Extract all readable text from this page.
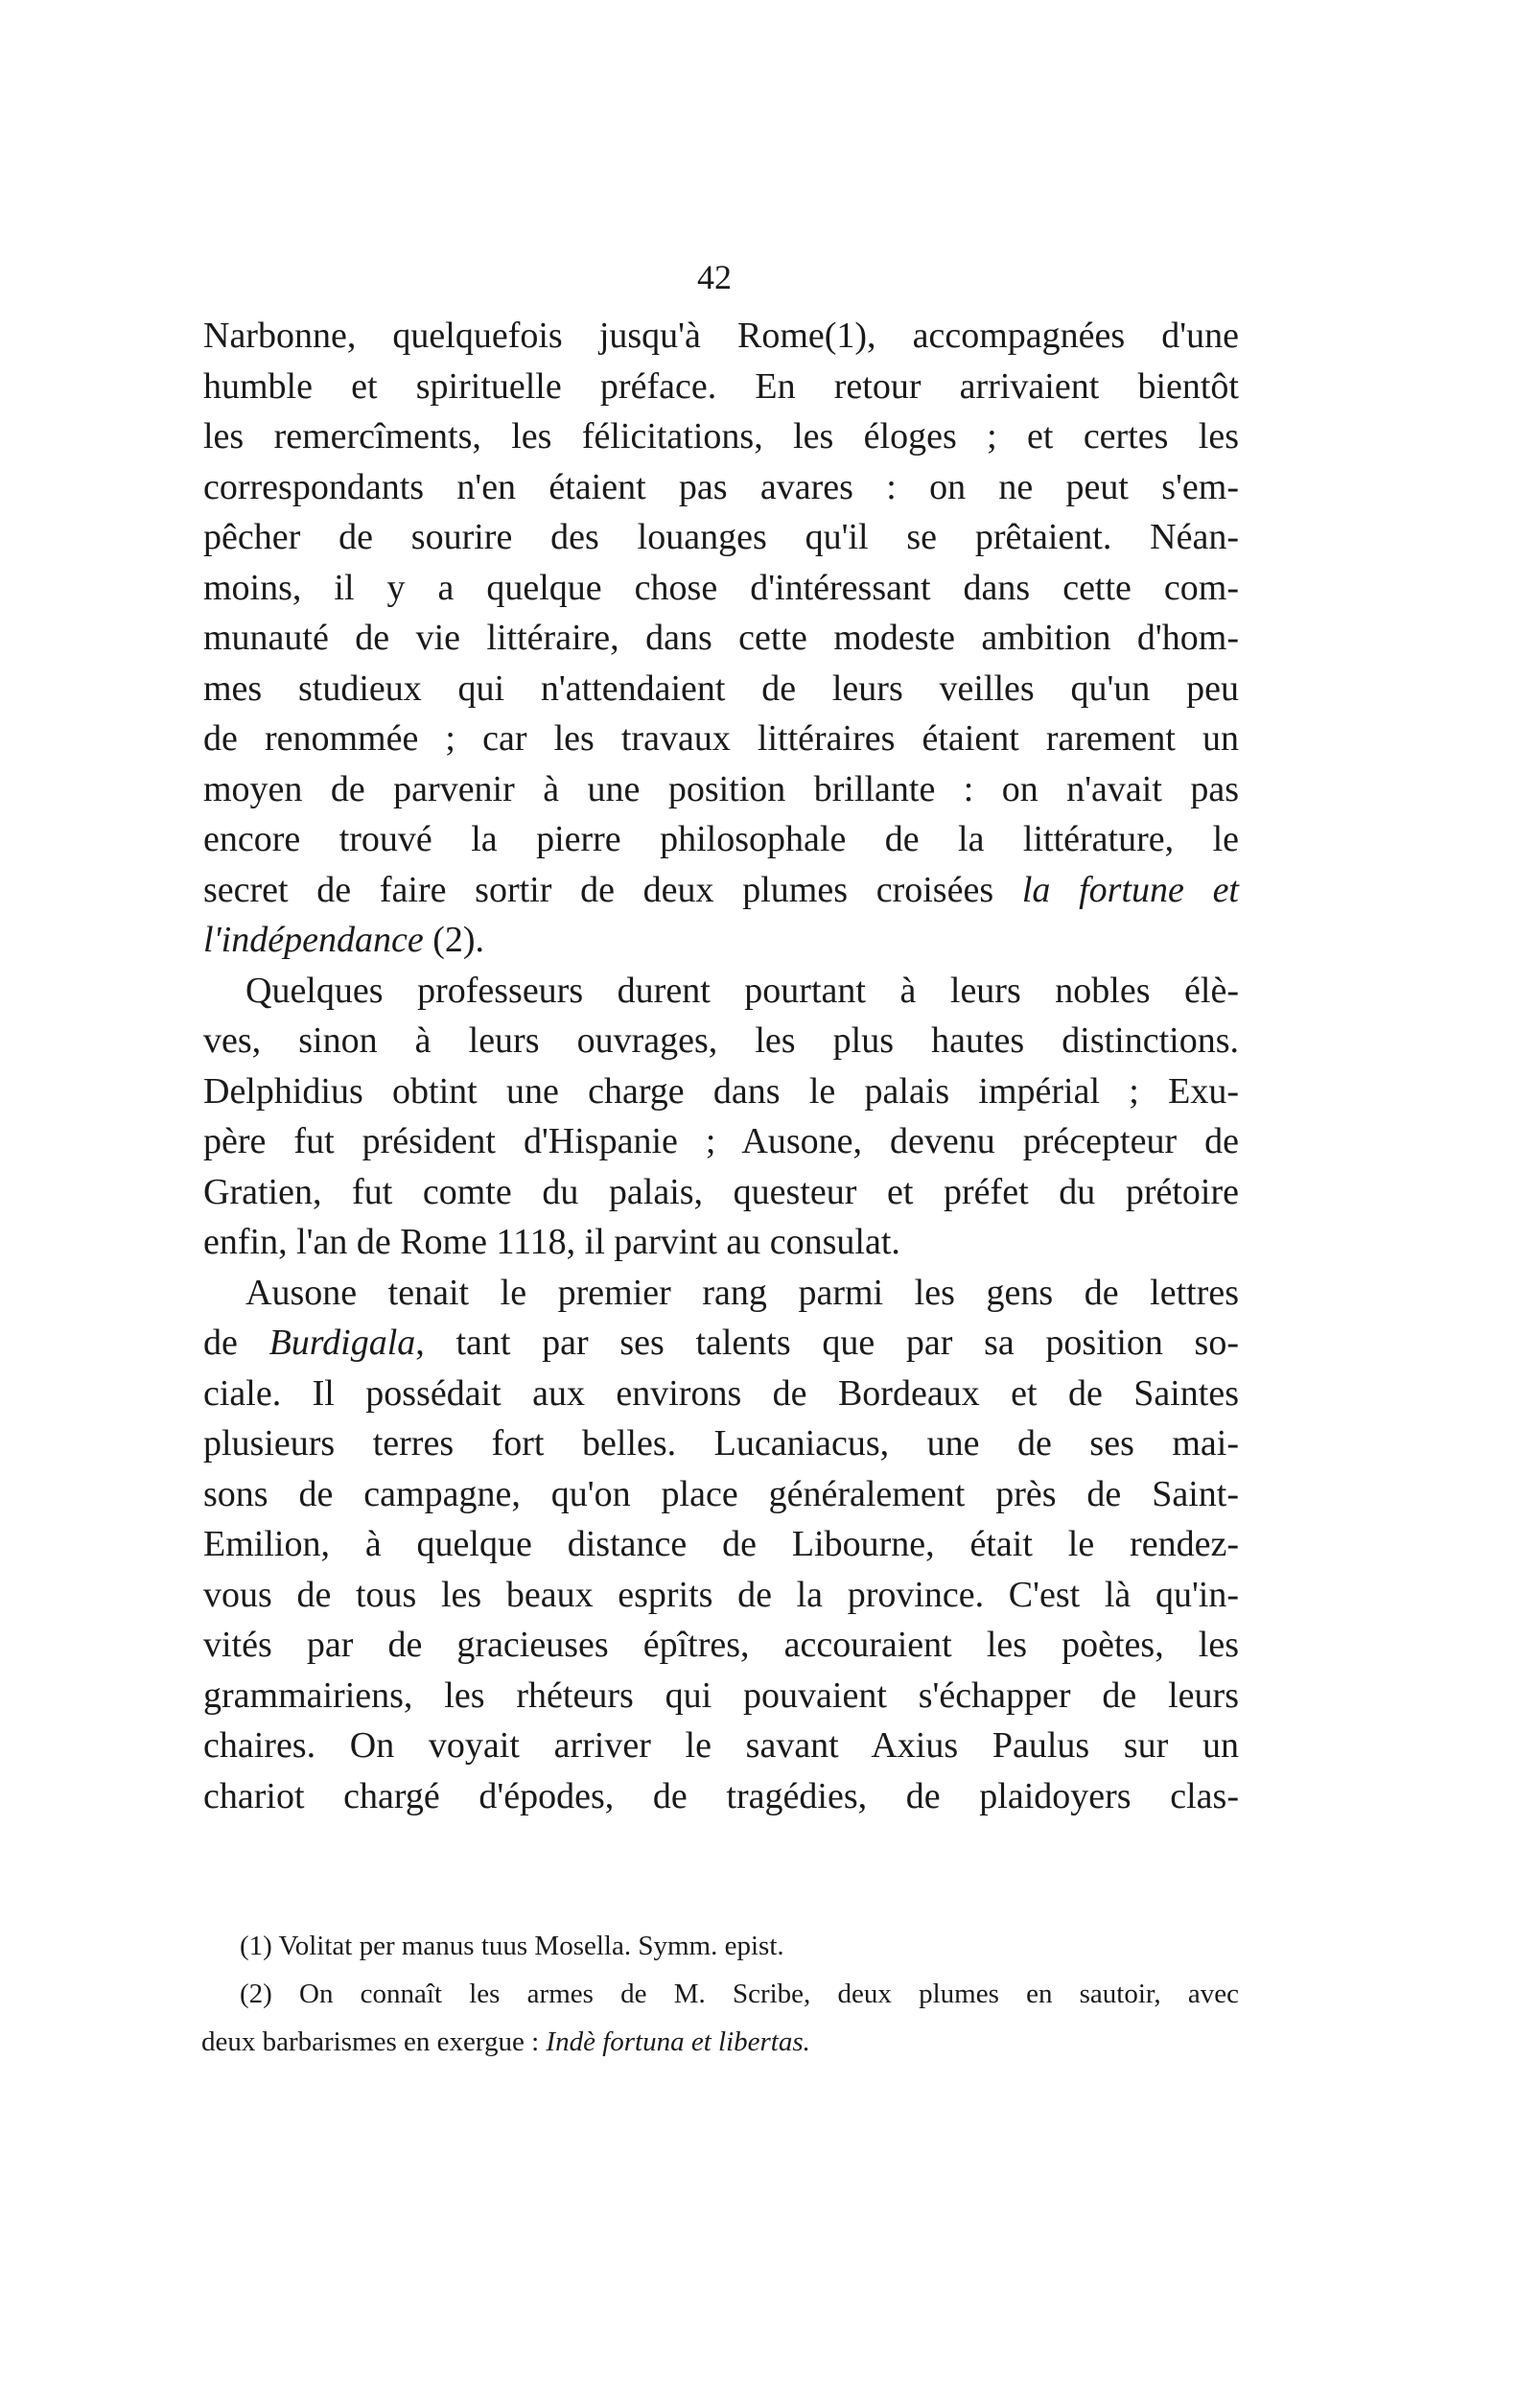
42
Narbonne, quelquefois jusqu'à Rome(1), accompagnées d'une
humble et spirituelle préface. En retour arrivaient bientôt
les remercîments, les félicitations, les éloges ; et certes les
correspondants n'en étaient pas avares : on ne peut s'em-
pêcher de sourire des louanges qu'il se prêtaient. Néan-
moins, il y a quelque chose d'intéressant dans cette com-
munauté de vie littéraire, dans cette modeste ambition d'hom-
mes studieux qui n'attendaient de leurs veilles qu'un peu
de renommée ; car les travaux littéraires étaient rarement un
moyen de parvenir à une position brillante : on n'avait pas
encore trouvé la pierre philosophale de la littérature, le
secret de faire sortir de deux plumes croisées la fortune et
l'indépendance (2).
Quelques professeurs durent pourtant à leurs nobles élè-
ves, sinon à leurs ouvrages, les plus hautes distinctions.
Delphidius obtint une charge dans le palais impérial ; Exu-
père fut président d'Hispanie ; Ausone, devenu précepteur de
Gratien, fut comte du palais, questeur et préfet du prétoire
enfin, l'an de Rome 1118, il parvint au consulat.
Ausone tenait le premier rang parmi les gens de lettres
de Burdigala, tant par ses talents que par sa position so-
ciale. Il possédait aux environs de Bordeaux et de Saintes
plusieurs terres fort belles. Lucaniacus, une de ses mai-
sons de campagne, qu'on place généralement près de Saint-
Emilion, à quelque distance de Libourne, était le rendez-
vous de tous les beaux esprits de la province. C'est là qu'in-
vités par de gracieuses épîtres, accouraient les poètes, les
grammairiens, les rhéteurs qui pouvaient s'échapper de leurs
chaires. On voyait arriver le savant Axius Paulus sur un
chariot chargé d'épodes, de tragédies, de plaidoyers clas-
(1) Volitat per manus tuus Mosella. Symm. epist.
(2) On connaît les armes de M. Scribe, deux plumes en sautoir, avec
deux barbarismes en exergue : Indè fortuna et libertas.
